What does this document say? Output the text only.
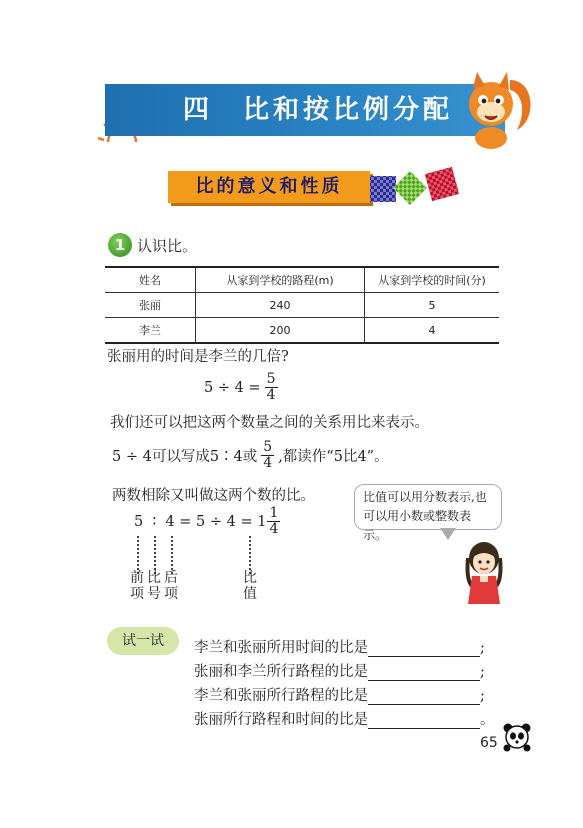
四 比和按比例分配
比的意义和性质
1 认识比。
姓名	从家到学校的路程(m)	从家到学校的时间(分)
张丽	240	5
李兰	200	4
张丽用的时间是李兰的几倍?
$5 \div 4 = \frac{5}{4}$
我们还可以把这两个数量之间的关系用比来表示。
5 ÷ 4可以写成5∶4或 $\frac{5}{4}$ ,都读作“5比4”。
两数相除又叫做这两个数的比。
5  ∶  $4 = 5 \div 4 = 1 \frac{1}{4}$
前项
比号
后项
比值
比值可以用分数表示,也可以用小数或整数表示。
试一试	李兰和张丽所用时间的比是	;
张丽和李兰所行路程的比是	;
李兰和张丽所行路程的比是	;
张丽所行路程和时间的比是	。
65
